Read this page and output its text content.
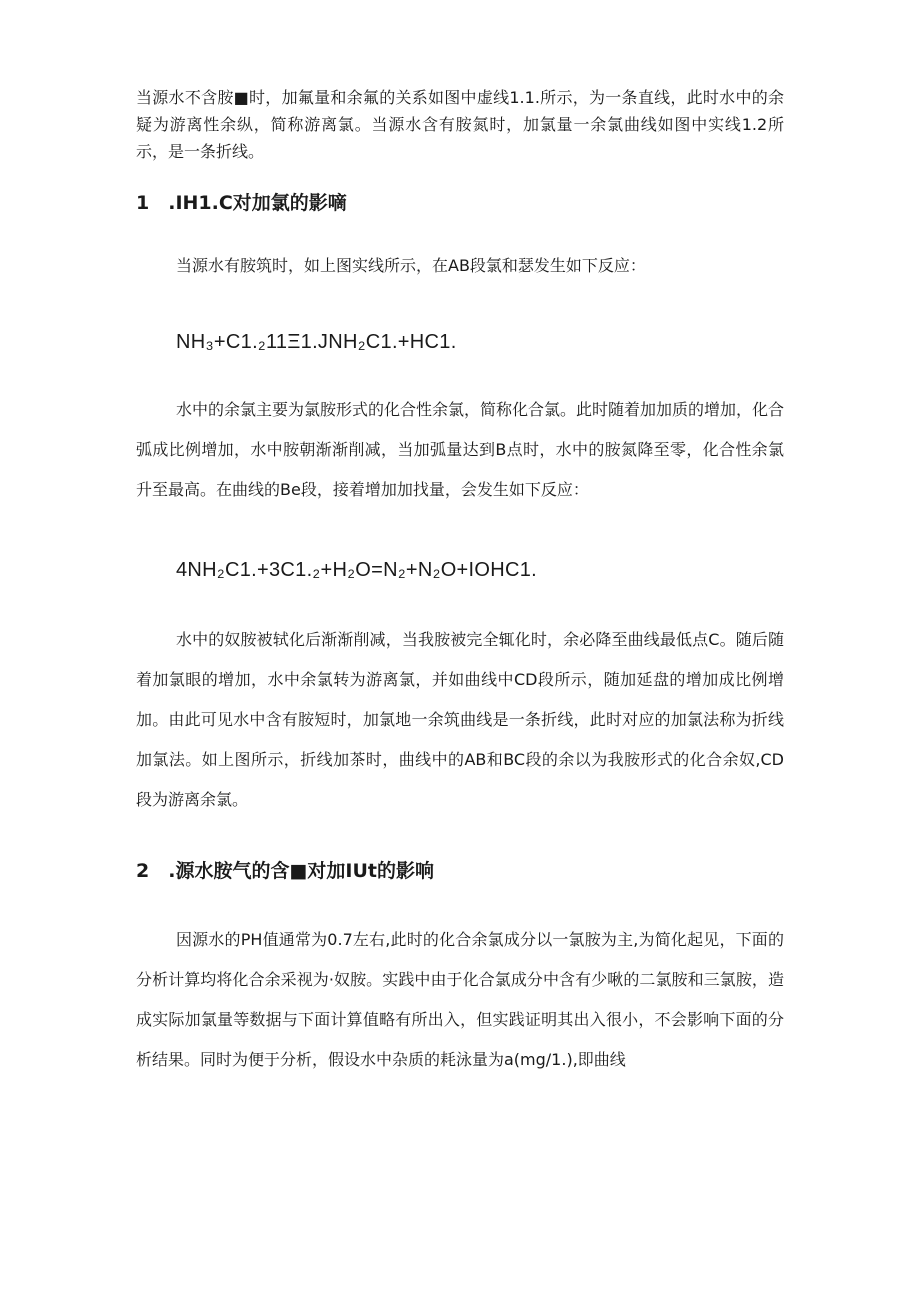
当源水不含胺■时，加氟量和余氟的关系如图中虚线1.1.所示，为一条直线，此时水中的余疑为游离性余纵，简称游离氯。当源水含有胺氮时，加氯量一余氯曲线如图中实线1.2所示，是一条折线。

1　.IH1.C对加氯的影嘀

当源水有胺筑时，如上图实线所示，在AB段氯和瑟发生如下反应：

NH₃+C1.₂11Ξ1.JNH₂C1.+HC1.

水中的余氯主要为氯胺形式的化合性余氯，简称化合氯。此时随着加加质的增加，化合弧成比例增加，水中胺朝渐渐削减，当加弧量达到B点时，水中的胺氮降至零，化合性余氯升至最高。在曲线的Be段，接着增加加找量，会发生如下反应：

4NH₂C1.+3C1.₂+H₂O=N₂+N₂O+IOHC1.

水中的奴胺被轼化后渐渐削减，当我胺被完全辄化时，余必降至曲线最低点C。随后随着加氯眼的增加，水中余氯转为游离氯，并如曲线中CD段所示，随加延盘的增加成比例增加。由此可见水中含有胺短时，加氯地一余筑曲线是一条折线，此时对应的加氯法称为折线加氯法。如上图所示，折线加茶时，曲线中的AB和BC段的余以为我胺形式的化合余奴,CD段为游离余氯。

2　.源水胺气的含■对加IUt的影响

因源水的PH值通常为0.7左右,此时的化合余氯成分以一氯胺为主,为简化起见，下面的分析计算均将化合余采视为·奴胺。实践中由于化合氯成分中含有少啾的二氯胺和三氯胺，造成实际加氯量等数据与下面计算值略有所出入，但实践证明其出入很小，不会影响下面的分析结果。同时为便于分析，假设水中杂质的耗泳量为a(mg/1.),即曲线
